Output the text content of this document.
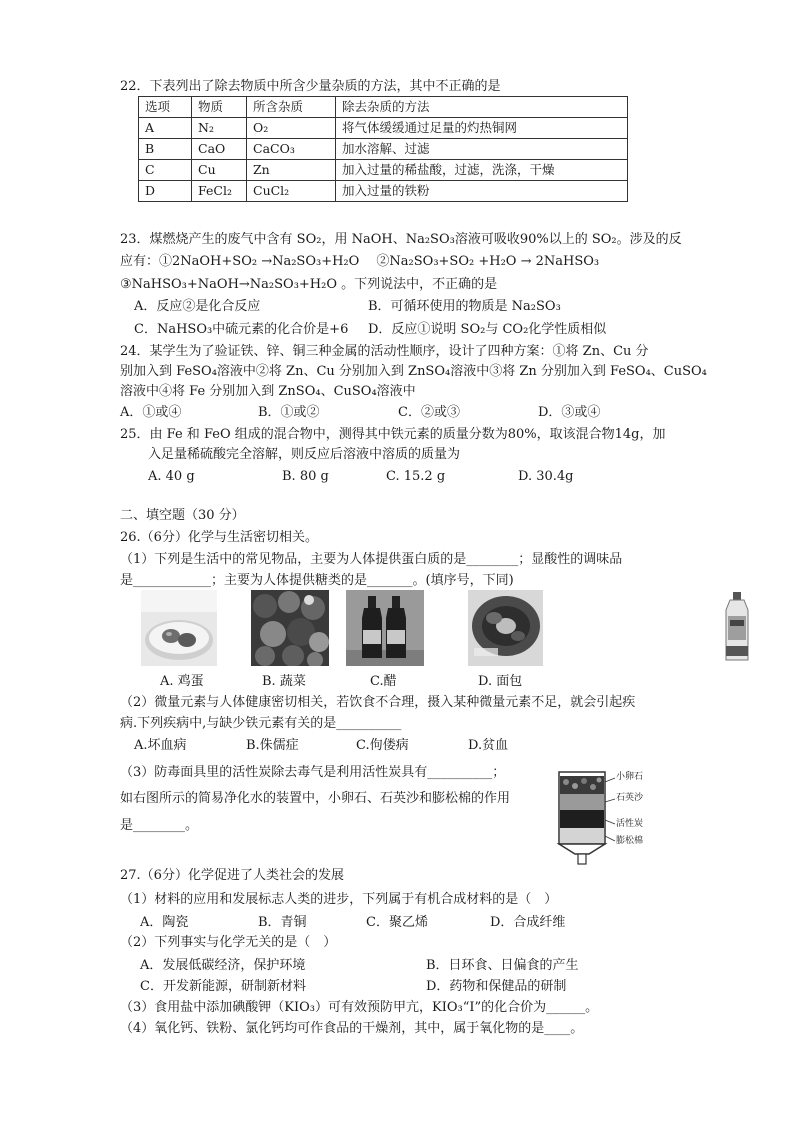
22．下表列出了除去物质中所含少量杂质的方法，其中不正确的是
选项	物质	所含杂质	除去杂质的方法
A	N₂	O₂	将气体缓缓通过足量的灼热铜网
B	CaO	CaCO₃	加水溶解、过滤
C	Cu	Zn	加入过量的稀盐酸，过滤，洗涤，干燥
D	FeCl₂	CuCl₂	加入过量的铁粉
23．煤燃烧产生的废气中含有 SO₂，用 NaOH、Na₂SO₃溶液可吸收90%以上的 SO₂。涉及的反
应有：①2NaOH+SO₂ →Na₂SO₃+H₂O　 ②Na₂SO₃+SO₂ +H₂O → 2NaHSO₃
③NaHSO₃+NaOH→Na₂SO₃+H₂O 。下列说法中，不正确的是
A．反应②是化合反应	B．可循环使用的物质是 Na₂SO₃
C．NaHSO₃中硫元素的化合价是+6 D．反应①说明 SO₂与 CO₂化学性质相似
24．某学生为了验证铁、锌、铜三种金属的活动性顺序，设计了四种方案：①将 Zn、Cu 分
别加入到 FeSO₄溶液中②将 Zn、Cu 分别加入到 ZnSO₄溶液中③将 Zn 分别加入到 FeSO₄、CuSO₄
溶液中④将 Fe 分别加入到 ZnSO₄、CuSO₄溶液中
A．①或④	B．①或②	C．②或③	D．③或④
25．由 Fe 和 FeO 组成的混合物中，测得其中铁元素的质量分数为80%，取该混合物14g，加
入足量稀硫酸完全溶解，则反应后溶液中溶质的质量为
A. 40 g	B. 80 g	C. 15.2 g	D. 30.4g
二、填空题（30 分）
26.（6分）化学与生活密切相关。
（1）下列是生活中的常见物品，主要为人体提供蛋白质的是________；显酸性的调味品
是____________；主要为人体提供糖类的是_______。(填序号，下同)
A. 鸡蛋	B. 蔬菜	C.醋	D. 面包
（2）微量元素与人体健康密切相关，若饮食不合理，摄入某种微量元素不足，就会引起疾
病.下列疾病中,与缺少铁元素有关的是__________
A.坏血病	B.侏儒症	C.佝偻病	D.贫血
（3）防毒面具里的活性炭除去毒气是利用活性炭具有__________；
如右图所示的简易净化水的装置中，小卵石、石英沙和膨松棉的作用
是________。
小卵石
石英沙
活性炭
膨松棉
27.（6分）化学促进了人类社会的发展
（1）材料的应用和发展标志人类的进步，下列属于有机合成材料的是（　）
A．陶瓷	B．青铜	C．聚乙烯	D．合成纤维
（2）下列事实与化学无关的是（　）
A．发展低碳经济，保护环境	B．日环食、日偏食的产生
C．开发新能源，研制新材料	D．药物和保健品的研制
（3）食用盐中添加碘酸钾（KIO₃）可有效预防甲亢，KIO₃“I”的化合价为______。
（4）氧化钙、铁粉、氯化钙均可作食品的干燥剂，其中，属于氧化物的是____。
